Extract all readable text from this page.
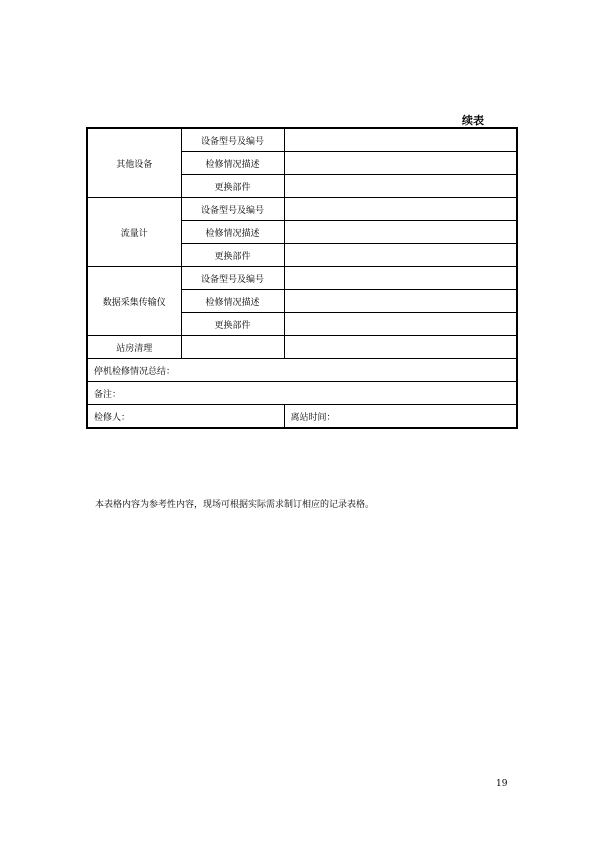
续表
其他设备	设备型号及编号	
	检修情况描述	
	更换部件	
流量计	设备型号及编号	
	检修情况描述	
	更换部件	
数据采集传输仪	设备型号及编号	
	检修情况描述	
	更换部件	
站房清理		
停机检修情况总结：		
备注：		
检修人：		离站时间：
本表格内容为参考性内容，现场可根据实际需求制订相应的记录表格。
19
